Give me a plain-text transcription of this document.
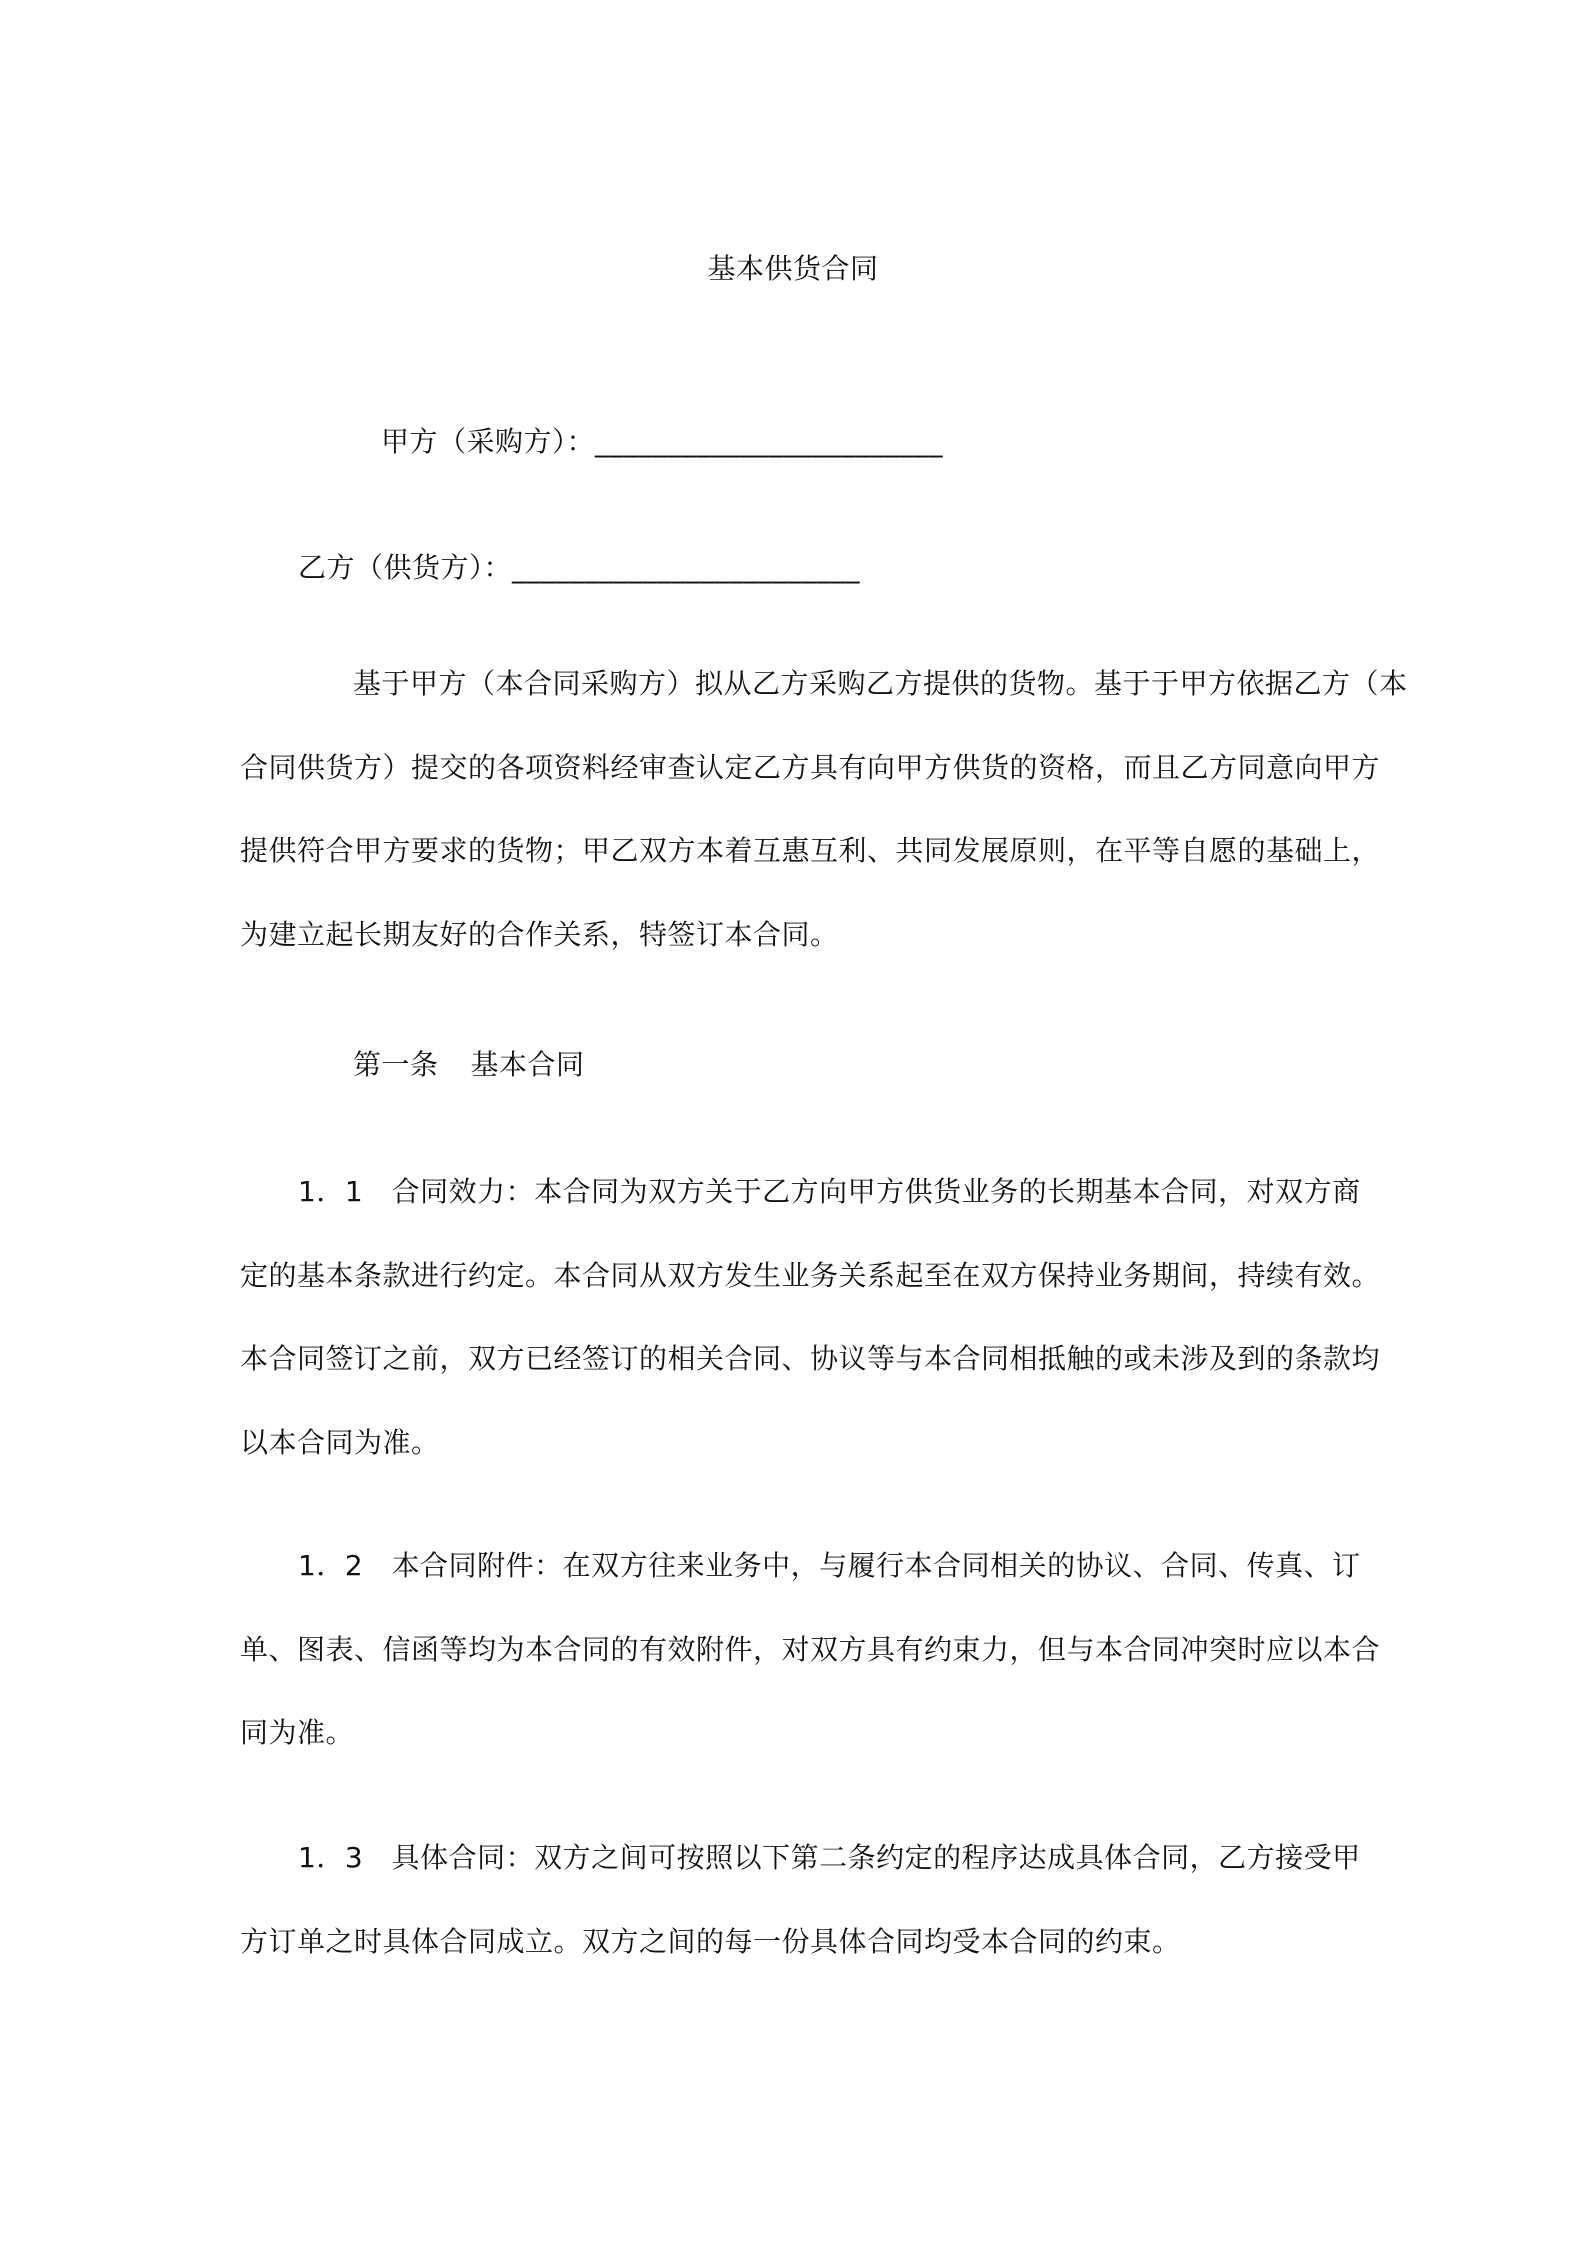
基本供货合同
甲方（采购方）：________________________
乙方（供货方）：________________________
基于甲方（本合同采购方）拟从乙方采购乙方提供的货物。基于于甲方依据乙方（本
合同供货方）提交的各项资料经审查认定乙方具有向甲方供货的资格，而且乙方同意向甲方
提供符合甲方要求的货物；甲乙双方本着互惠互利、共同发展原则，在平等自愿的基础上，
为建立起长期友好的合作关系，特签订本合同。
第一条 基本合同
1．1　合同效力：本合同为双方关于乙方向甲方供货业务的长期基本合同，对双方商
定的基本条款进行约定。本合同从双方发生业务关系起至在双方保持业务期间，持续有效。
本合同签订之前，双方已经签订的相关合同、协议等与本合同相抵触的或未涉及到的条款均
以本合同为准。
1．2　本合同附件：在双方往来业务中，与履行本合同相关的协议、合同、传真、订
单、图表、信函等均为本合同的有效附件，对双方具有约束力，但与本合同冲突时应以本合
同为准。
1．3　具体合同：双方之间可按照以下第二条约定的程序达成具体合同，乙方接受甲
方订单之时具体合同成立。双方之间的每一份具体合同均受本合同的约束。
